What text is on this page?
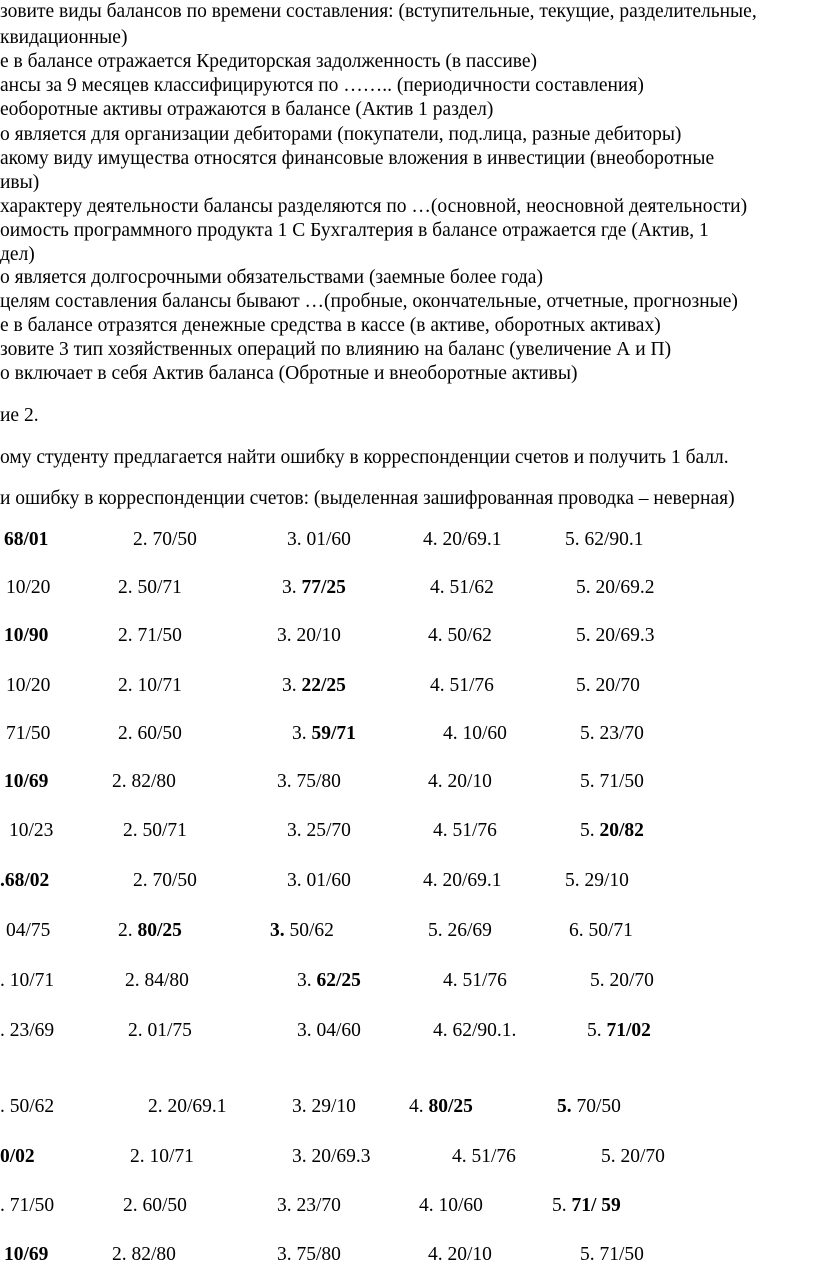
зовите виды балансов по времени составления: (вступительные, текущие, разделительные,
квидационные)
е в балансе отражается Кредиторская задолженность (в пассиве)
ансы за 9 месяцев классифицируются по …….. (периодичности составления)
еоборотные активы отражаются в балансе (Актив 1 раздел)
о является для организации дебиторами (покупатели, под.лица, разные дебиторы)
акому виду имущества относятся финансовые вложения в инвестиции (внеоборотные
ивы)
характеру деятельности балансы разделяются по …(основной, неосновной деятельности)
оимость программного продукта 1 С Бухгалтерия в балансе отражается где (Актив, 1
дел)
о является долгосрочными обязательствами (заемные более года)
целям составления балансы бывают …(пробные, окончательные, отчетные, прогнозные)
е в балансе отразятся денежные средства в кассе (в активе, оборотных активах)
зовите 3 тип хозяйственных операций по влиянию на баланс (увеличение А и П)
о включает в себя Актив баланса (Обротные и внеоборотные активы)
ие 2.
ому студенту предлагается найти ошибку в корреспонденции счетов и получить 1 балл.
и ошибку в корреспонденции счетов: (выделенная зашифрованная проводка – неверная)
68/01	2. 70/50	3. 01/60	4. 20/69.1	5. 62/90.1
10/20	2. 50/71	3. 77/25	4. 51/62	5. 20/69.2
10/90	2. 71/50	3. 20/10	4. 50/62	5. 20/69.3
10/20	2. 10/71	3. 22/25	4. 51/76	5. 20/70
71/50	2. 60/50	3. 59/71	4. 10/60	5. 23/70
10/69	2. 82/80	3. 75/80	4. 20/10	5. 71/50
10/23	2. 50/71	3. 25/70	4. 51/76	5. 20/82
.68/02	2. 70/50	3. 01/60	4. 20/69.1	5. 29/10
04/75	2. 80/25	3. 50/62	5. 26/69	6. 50/71
. 10/71	2. 84/80	3. 62/25	4. 51/76	5. 20/70
. 23/69	2. 01/75	3. 04/60	4. 62/90.1.	5. 71/02
. 50/62	2. 20/69.1	3. 29/10	4. 80/25	5. 70/50
0/02	2. 10/71	3. 20/69.3	4. 51/76	5. 20/70
. 71/50	2. 60/50	3. 23/70	4. 10/60	5. 71/ 59
10/69	2. 82/80	3. 75/80	4. 20/10	5. 71/50
